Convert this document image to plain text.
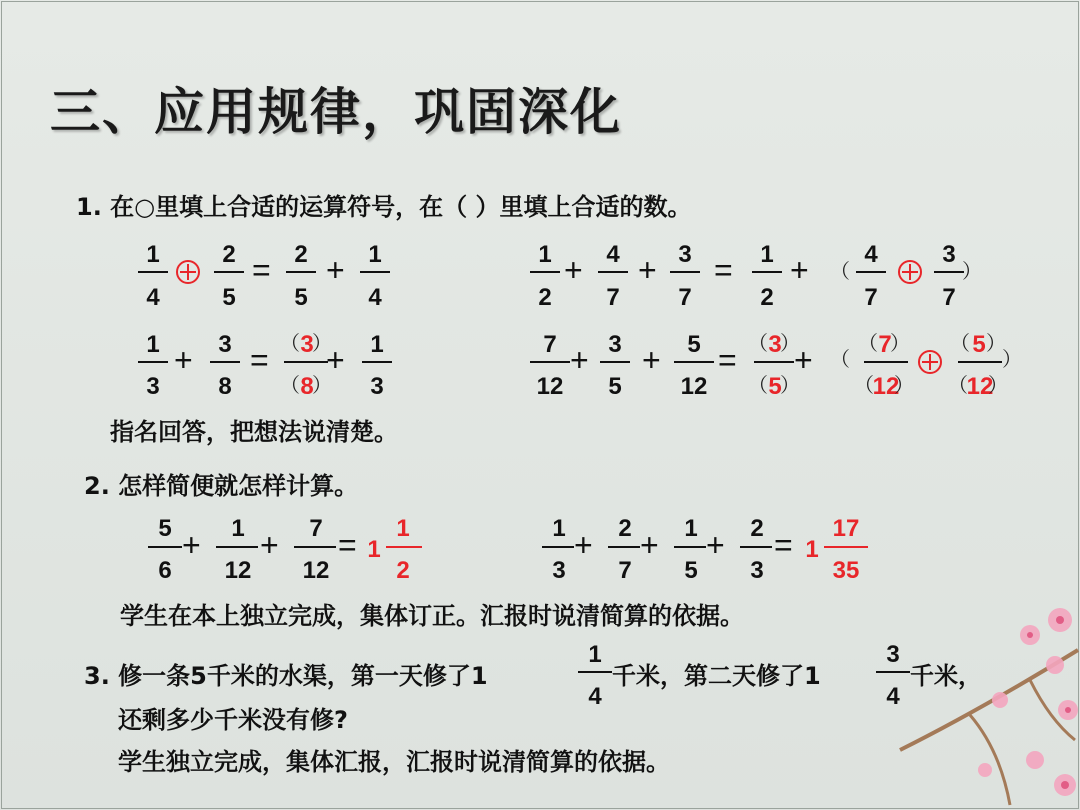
三、应用规律，巩固深化
1. 在○里填上合适的运算符号，在（ ）里填上合适的数。
1
4
2
5
= 2
5
+ 1
4
1
2
+ 4
7
+ 3
7
=	1
2
+ （
4
7
3
7
）
1
3
+	3
8
= （ 3
）
（ 8
）
+	1
3
7
12
+ 3
5
+	5
12
= （ 3
）
（ 5
）
+ （
（ 7
）
（
12
）
（ 5 ）
（
12
）
）
指名回答，把想法说清楚。
2. 怎样简便就怎样计算。
5
6
+	1
12
+	7
12
= 1
1
2
1
3
+	2
7
+	1
5
+	2
3
= 1
17
35
学生在本上独立完成，集体订正。汇报时说清简算的依据。
3. 修一条5千米的水渠，第一天修了1
1
4
千米，第二天修了1
3
4
千米，
还剩多少千米没有修?
学生独立完成，集体汇报，汇报时说清简算的依据。
